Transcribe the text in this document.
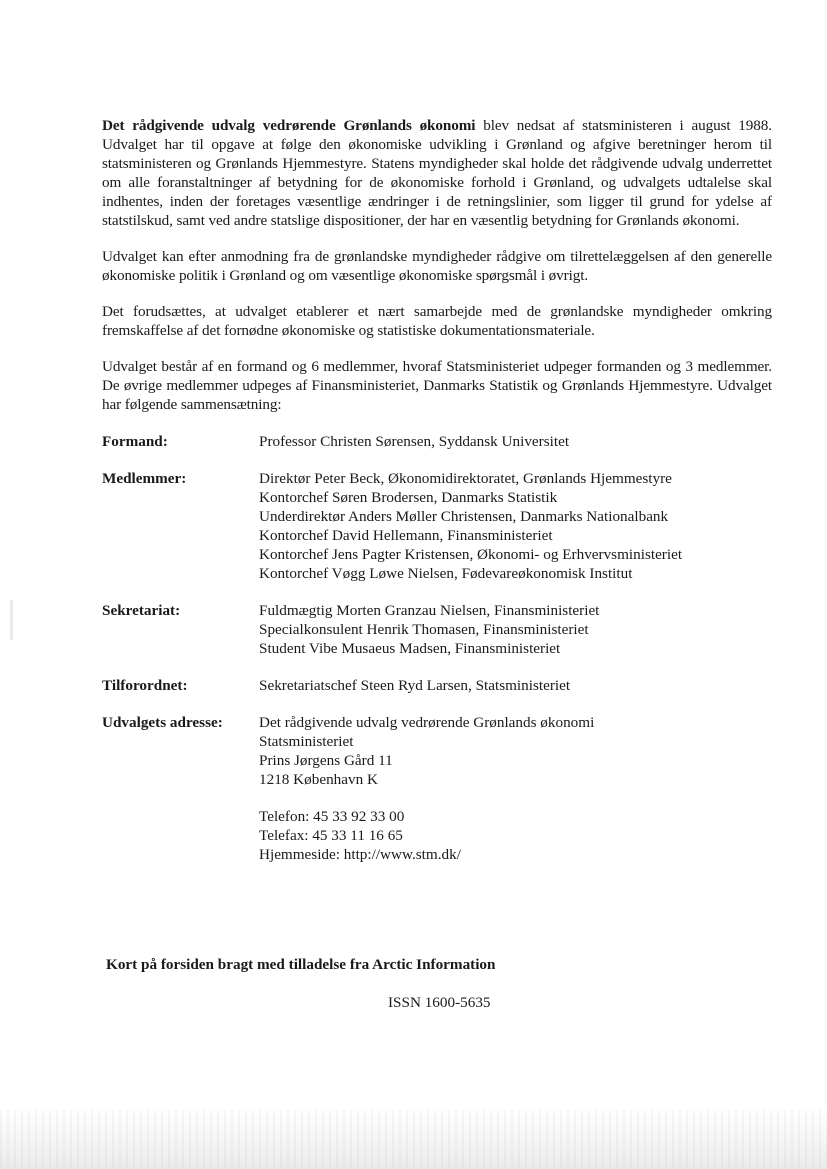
Det rådgivende udvalg vedrørende Grønlands økonomi blev nedsat af statsministeren i august 1988. Udvalget har til opgave at følge den økonomiske udvikling i Grønland og afgive beretninger herom til statsministeren og Grønlands Hjemmestyre. Statens myndigheder skal holde det rådgivende udvalg underrettet om alle foranstaltninger af betydning for de økonomiske forhold i Grønland, og udvalgets udtalelse skal indhentes, inden der foretages væsentlige ændringer i de retningslinier, som ligger til grund for ydelse af statstilskud, samt ved andre statslige dispositioner, der har en væsentlig betydning for Grønlands økonomi.

Udvalget kan efter anmodning fra de grønlandske myndigheder rådgive om tilrettelæggelsen af den generelle økonomiske politik i Grønland og om væsentlige økonomiske spørgsmål i øvrigt.

Det forudsættes, at udvalget etablerer et nært samarbejde med de grønlandske myndigheder omkring fremskaffelse af det fornødne økonomiske og statistiske dokumentationsmateriale.

Udvalget består af en formand og 6 medlemmer, hvoraf Statsministeriet udpeger formanden og 3 medlemmer. De øvrige medlemmer udpeges af Finansministeriet, Danmarks Statistik og Grønlands Hjemmestyre. Udvalget har følgende sammensætning:

Formand:	Professor Christen Sørensen, Syddansk Universitet
Medlemmer:	Direktør Peter Beck, Økonomidirektoratet, Grønlands Hjemmestyre
Kontorchef Søren Brodersen, Danmarks Statistik
Underdirektør Anders Møller Christensen, Danmarks Nationalbank
Kontorchef David Hellemann, Finansministeriet
Kontorchef Jens Pagter Kristensen, Økonomi- og Erhvervsministeriet
Kontorchef Vøgg Løwe Nielsen, Fødevareøkonomisk Institut
Sekretariat:	Fuldmægtig Morten Granzau Nielsen, Finansministeriet
Specialkonsulent Henrik Thomasen, Finansministeriet
Student Vibe Musaeus Madsen, Finansministeriet
Tilforordnet:	Sekretariatschef Steen Ryd Larsen, Statsministeriet
Udvalgets adresse:	Det rådgivende udvalg vedrørende Grønlands økonomi
Statsministeriet
Prins Jørgens Gård 11
1218 København K
Telefon: 45 33 92 33 00
Telefax: 45 33 11 16 65
Hjemmeside: http://www.stm.dk/
Kort på forsiden bragt med tilladelse fra Arctic Information
ISSN 1600-5635
